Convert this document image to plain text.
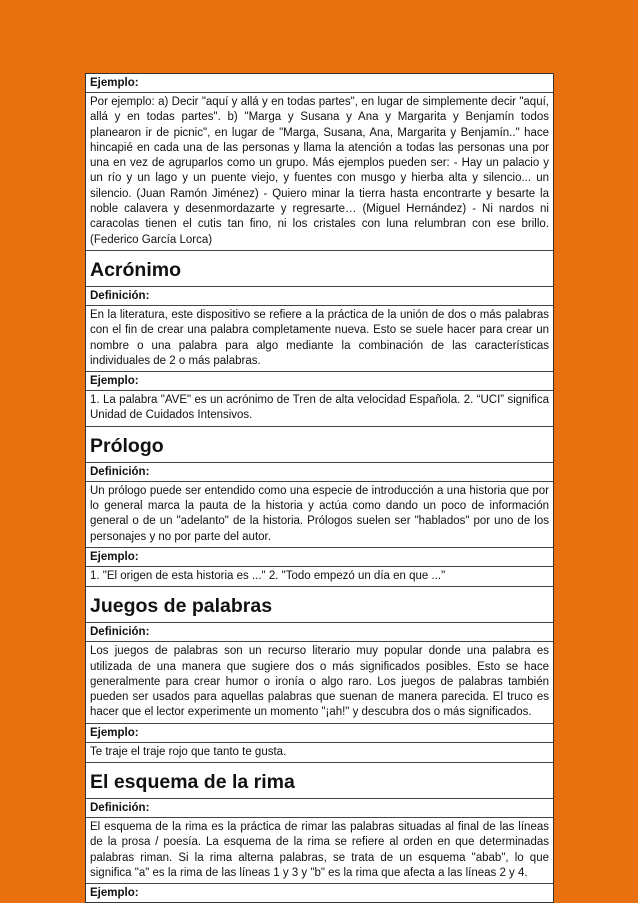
Ejemplo:
Por ejemplo: a) Decir "aquí y allá y en todas partes", en lugar de simplemente decir "aquí, allá y en todas partes". b) "Marga y Susana y Ana y Margarita y Benjamín todos planearon ir de picnic", en lugar de "Marga, Susana, Ana, Margarita y Benjamín.." hace hincapié en cada una de las personas y llama la atención a todas las personas una por una en vez de agruparlos como un grupo. Más ejemplos pueden ser: - Hay un palacio y un río y un lago y un puente viejo, y fuentes con musgo y hierba alta y silencio... un silencio. (Juan Ramón Jiménez) - Quiero minar la tierra hasta encontrarte y besarte la noble calavera y desenmordazarte y regresarte… (Miguel Hernández) - Ni nardos ni caracolas tienen el cutis tan fino, ni los cristales con luna relumbran con ese brillo. (Federico García Lorca)
Acrónimo
Definición:
En la literatura, este dispositivo se refiere a la práctica de la unión de dos o más palabras con el fin de crear una palabra completamente nueva. Esto se suele hacer para crear un nombre o una palabra para algo mediante la combinación de las características individuales de 2 o más palabras.
Ejemplo:
1. La palabra "AVE" es un acrónimo de Tren de alta velocidad Española. 2. “UCI” significa Unidad de Cuidados Intensivos.
Prólogo
Definición:
Un prólogo puede ser entendido como una especie de introducción a una historia que por lo general marca la pauta de la historia y actúa como dando un poco de información general o de un "adelanto" de la historia. Prólogos suelen ser "hablados" por uno de los personajes y no por parte del autor.
Ejemplo:
1. "El origen de esta historia es ..." 2. "Todo empezó un día en que ..."
Juegos de palabras
Definición:
Los juegos de palabras son un recurso literario muy popular donde una palabra es utilizada de una manera que sugiere dos o más significados posibles. Esto se hace generalmente para crear humor o ironía o algo raro. Los juegos de palabras también pueden ser usados para aquellas palabras que suenan de manera parecida. El truco es hacer que el lector experimente un momento "¡ah!" y descubra dos o más significados.
Ejemplo:
Te traje el traje rojo que tanto te gusta.
El esquema de la rima
Definición:
El esquema de la rima es la práctica de rimar las palabras situadas al final de las líneas de la prosa / poesía. La esquema de la rima se refiere al orden en que determinadas palabras riman. Si la rima alterna palabras, se trata de un esquema "abab", lo que significa "a" es la rima de las líneas 1 y 3 y "b" es la rima que afecta a las líneas 2 y 4.
Ejemplo:
